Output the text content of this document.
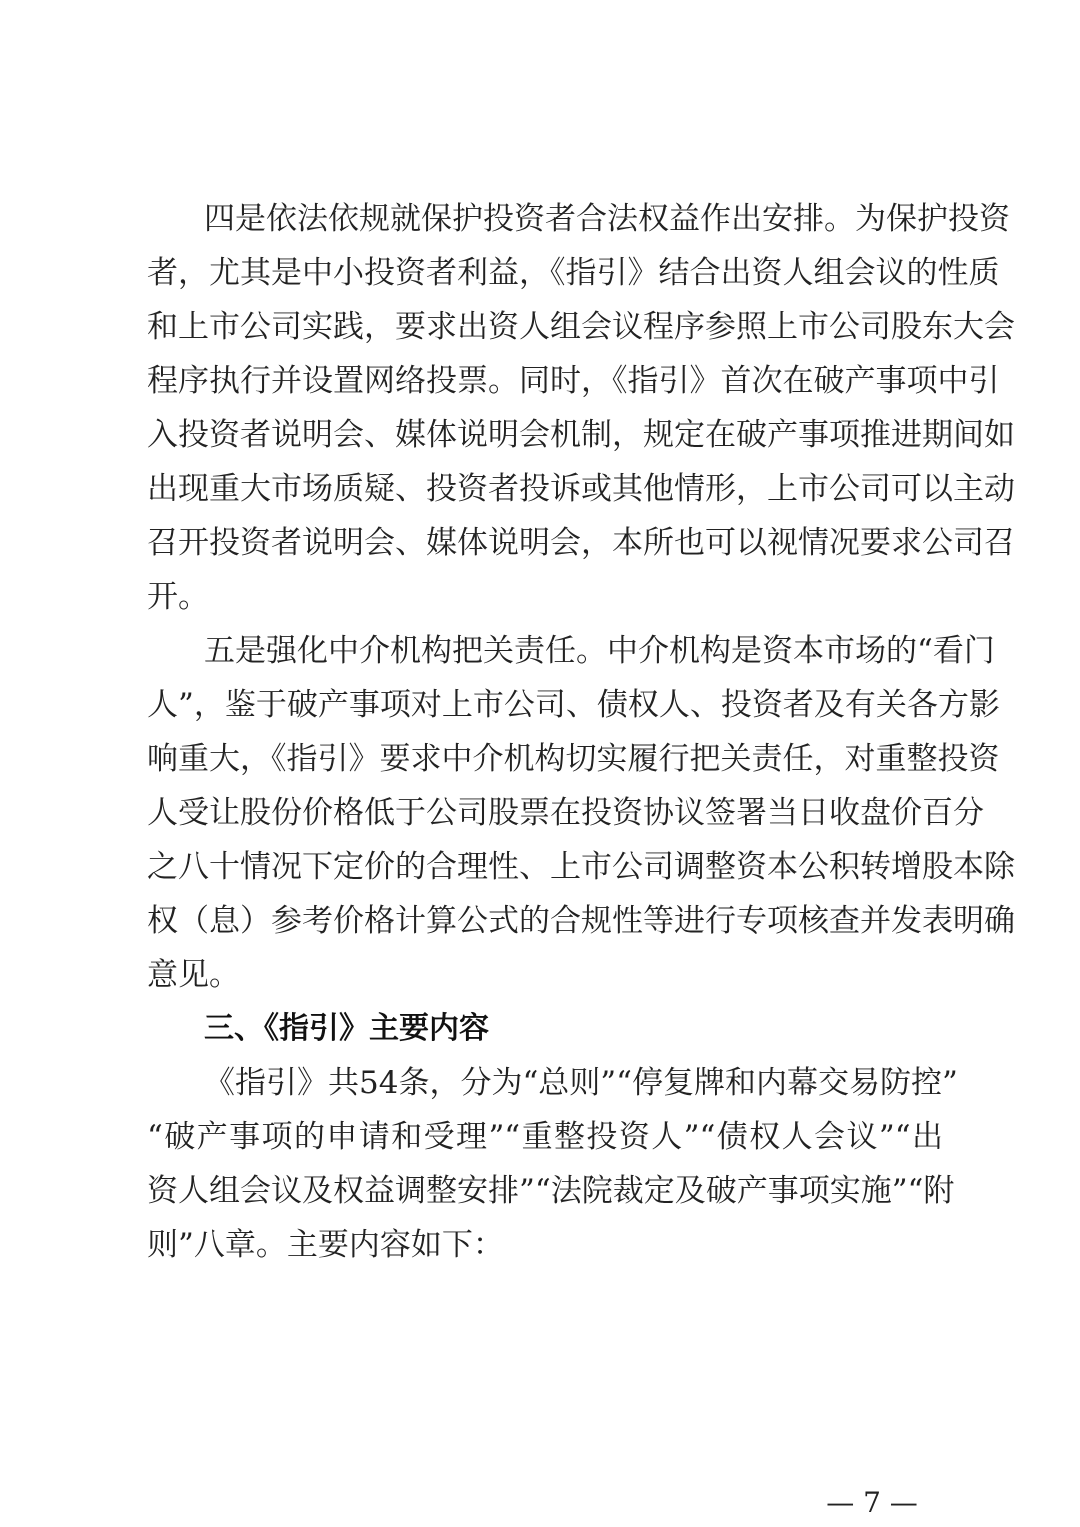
四是依法依规就保护投资者合法权益作出安排。为保护投资
者，尤其是中小投资者利益，《指引》结合出资人组会议的性质
和上市公司实践，要求出资人组会议程序参照上市公司股东大会
程序执行并设置网络投票。同时，《指引》首次在破产事项中引
入投资者说明会、媒体说明会机制，规定在破产事项推进期间如
出现重大市场质疑、投资者投诉或其他情形，上市公司可以主动
召开投资者说明会、媒体说明会，本所也可以视情况要求公司召
开。
五是强化中介机构把关责任。中介机构是资本市场的“看门
人”，鉴于破产事项对上市公司、债权人、投资者及有关各方影
响重大，《指引》要求中介机构切实履行把关责任，对重整投资
人受让股份价格低于公司股票在投资协议签署当日收盘价百分
之八十情况下定价的合理性、上市公司调整资本公积转增股本除
权（息）参考价格计算公式的合规性等进行专项核查并发表明确
意见。
三、《指引》主要内容
《指引》共54条，分为“总则”“停复牌和内幕交易防控”
“破产事项的申请和受理”“重整投资人”“债权人会议”“出
资人组会议及权益调整安排”“法院裁定及破产事项实施”“附
则”八章。主要内容如下：
— 7 —
